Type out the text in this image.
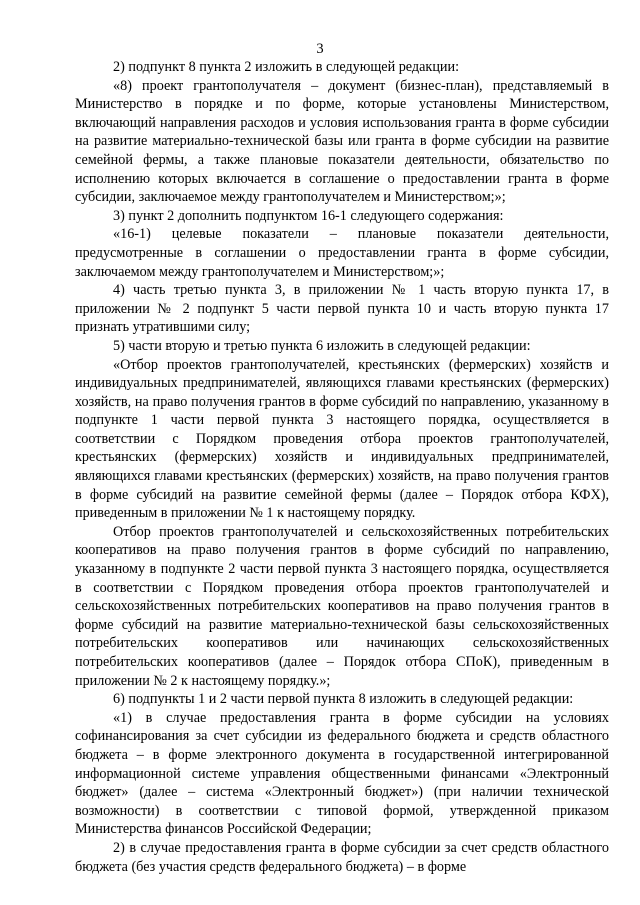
3

2) подпункт 8 пункта 2 изложить в следующей редакции:

«8) проект грантополучателя – документ (бизнес-план), представляемый в Министерство в порядке и по форме, которые установлены Министерством, включающий направления расходов и условия использования гранта в форме субсидии на развитие материально-технической базы или гранта в форме субсидии на развитие семейной фермы, а также плановые показатели деятельности, обязательство по исполнению которых включается в соглашение о предоставлении гранта в форме субсидии, заключаемое между грантополучателем и Министерством;»;

3) пункт 2 дополнить подпунктом 16-1 следующего содержания:

«16-1) целевые показатели – плановые показатели деятельности, предусмотренные в соглашении о предоставлении гранта в форме субсидии, заключаемом между грантополучателем и Министерством;»;

4) часть третью пункта 3, в приложении № 1 часть вторую пункта 17, в приложении № 2 подпункт 5 части первой пункта 10 и часть вторую пункта 17 признать утратившими силу;

5) части вторую и третью пункта 6 изложить в следующей редакции:

«Отбор проектов грантополучателей, крестьянских (фермерских) хозяйств и индивидуальных предпринимателей, являющихся главами крестьянских (фермерских) хозяйств, на право получения грантов в форме субсидий по направлению, указанному в подпункте 1 части первой пункта 3 настоящего порядка, осуществляется в соответствии с Порядком проведения отбора проектов грантополучателей, крестьянских (фермерских) хозяйств и индивидуальных предпринимателей, являющихся главами крестьянских (фермерских) хозяйств, на право получения грантов в форме субсидий на развитие семейной фермы (далее – Порядок отбора КФХ), приведенным в приложении № 1 к настоящему порядку.

Отбор проектов грантополучателей и сельскохозяйственных потребительских кооперативов на право получения грантов в форме субсидий по направлению, указанному в подпункте 2 части первой пункта 3 настоящего порядка, осуществляется в соответствии с Порядком проведения отбора проектов грантополучателей и сельскохозяйственных потребительских кооперативов на право получения грантов в форме субсидий на развитие материально-технической базы сельскохозяйственных потребительских кооперативов или начинающих сельскохозяйственных потребительских кооперативов (далее – Порядок отбора СПоК), приведенным в приложении № 2 к настоящему порядку.»;

6) подпункты 1 и 2 части первой пункта 8 изложить в следующей редакции:

«1) в случае предоставления гранта в форме субсидии на условиях софинансирования за счет субсидии из федерального бюджета и средств областного бюджета – в форме электронного документа в государственной интегрированной информационной системе управления общественными финансами «Электронный бюджет» (далее – система «Электронный бюджет») (при наличии технической возможности) в соответствии с типовой формой, утвержденной приказом Министерства финансов Российской Федерации;

2) в случае предоставления гранта в форме субсидии за счет средств областного бюджета (без участия средств федерального бюджета) – в форме
